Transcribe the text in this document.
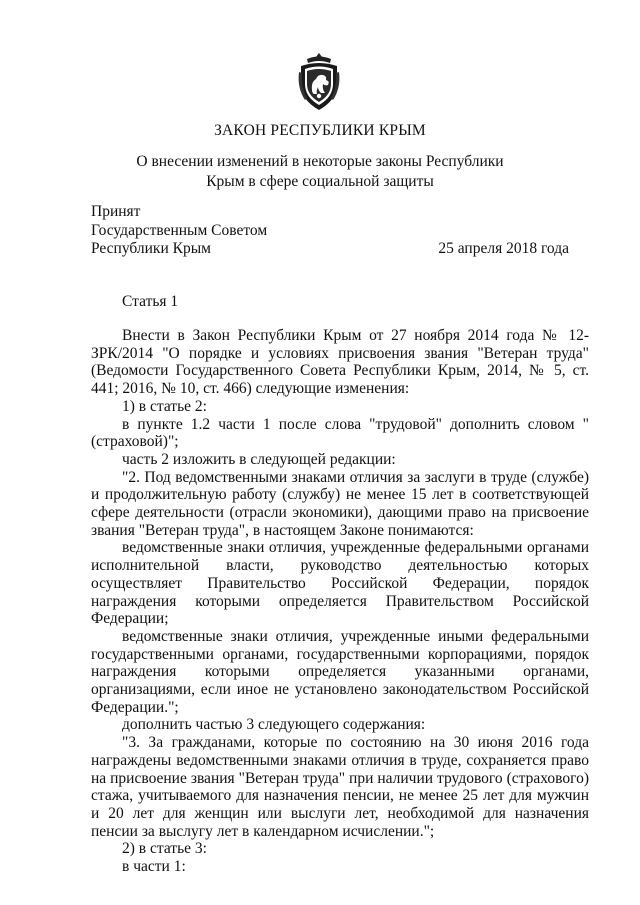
ЗАКОН РЕСПУБЛИКИ КРЫМ
О внесении изменений в некоторые законы Республики
Крым в сфере социальной защиты
Принят
Государственным Советом
Республики Крым	25 апреля 2018 года
Статья 1

Внести в Закон Республики Крым от 27 ноября 2014 года № 12-ЗРК/2014 "О порядке и условиях присвоения звания "Ветеран труда" (Ведомости Государственного Совета Республики Крым, 2014, № 5, ст. 441; 2016, № 10, ст. 466) следующие изменения:

1) в статье 2:

в пункте 1.2 части 1 после слова "трудовой" дополнить словом "(страховой)";

часть 2 изложить в следующей редакции:

"2. Под ведомственными знаками отличия за заслуги в труде (службе) и продолжительную работу (службу) не менее 15 лет в соответствующей сфере деятельности (отрасли экономики), дающими право на присвоение звания "Ветеран труда", в настоящем Законе понимаются:

ведомственные знаки отличия, учрежденные федеральными органами исполнительной власти, руководство деятельностью которых осуществляет Правительство Российской Федерации, порядок награждения которыми определяется Правительством Российской Федерации;

ведомственные знаки отличия, учрежденные иными федеральными государственными органами, государственными корпорациями, порядок награждения которыми определяется указанными органами, организациями, если иное не установлено законодательством Российской Федерации.";

дополнить частью 3 следующего содержания:

"3. За гражданами, которые по состоянию на 30 июня 2016 года награждены ведомственными знаками отличия в труде, сохраняется право на присвоение звания "Ветеран труда" при наличии трудового (страхового) стажа, учитываемого для назначения пенсии, не менее 25 лет для мужчин и 20 лет для женщин или выслуги лет, необходимой для назначения пенсии за выслугу лет в календарном исчислении.";

2) в статье 3:

в части 1:
